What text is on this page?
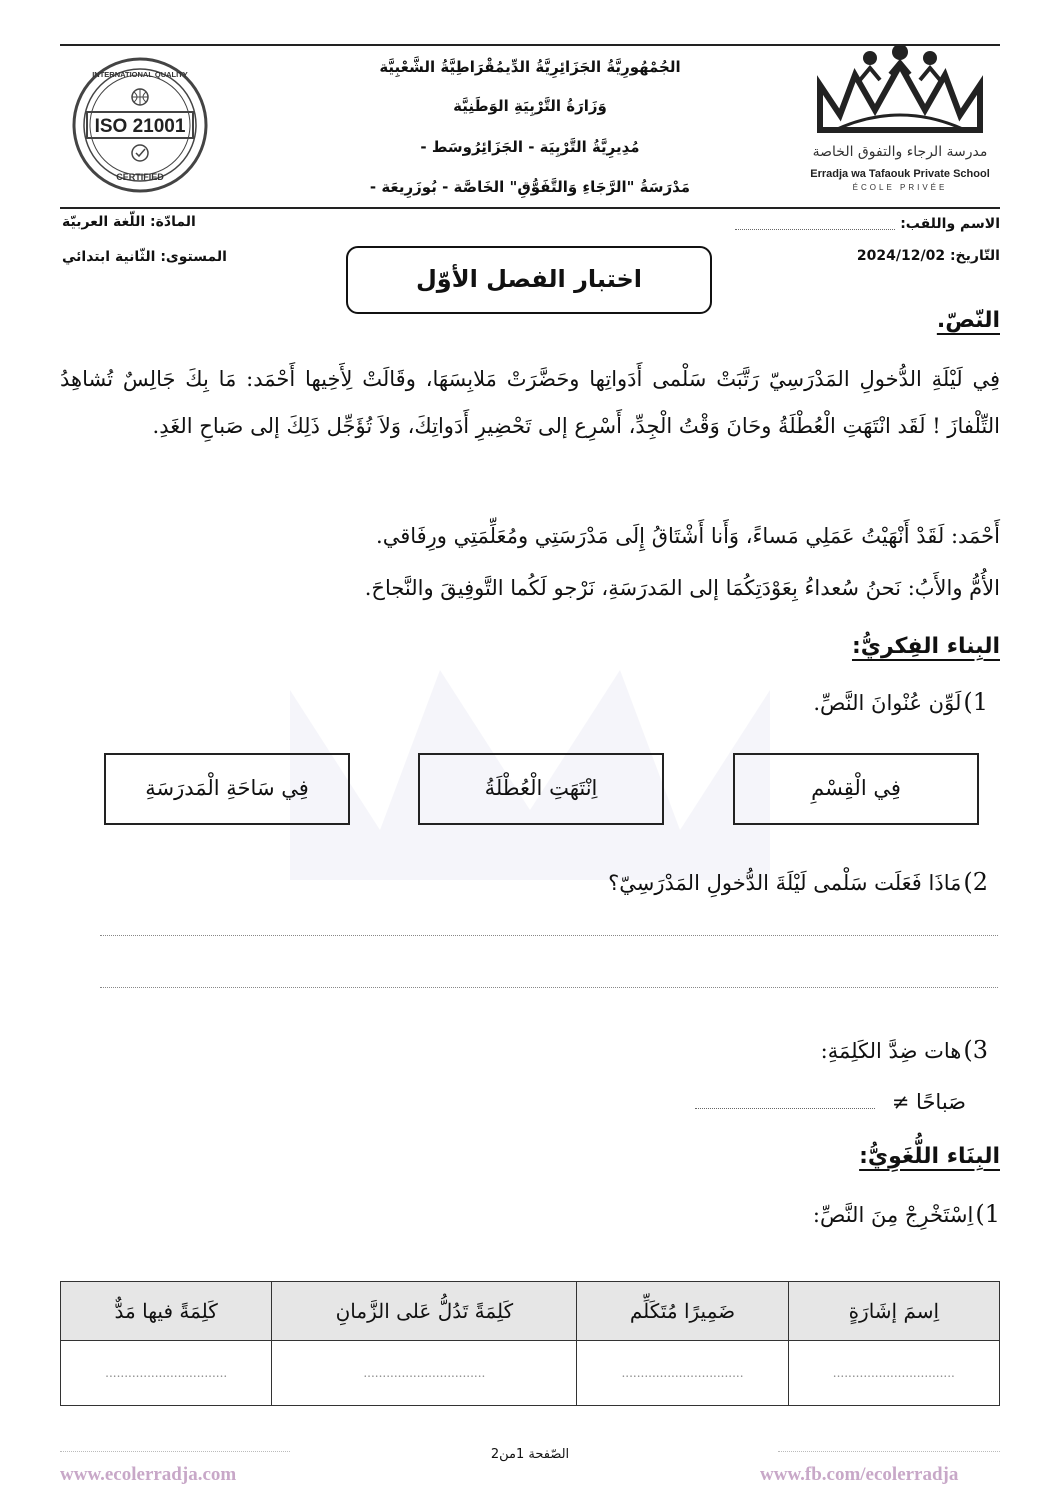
ISO 21001
INTERNATIONAL QUALITY
CERTIFIED
الجُمْهُورِيَّةُ الجَزَائِرِيَّةُ الدِّيمُقْرَاطِيَّةُ الشَّعْبِيَّة
وَزَارَةُ التَّرْبِيَةِ الوَطَنِيَّة
مُدِيرِيَّةُ التَّرْبِيَة - الجَزَائِرُوسَط -
مَدْرَسَةُ "الرَّجَاءِ وَالتَّفَوُّقِ" الخَاصَّة - بُوزَرِيعَة -
مدرسة الرجاء والتفوق الخاصة
Erradja wa Tafaouk Private School
ÉCOLE PRIVÉE
الاسم واللقب:
التّاريخ: 2024/12/02
المادّة: اللّغة العربيّة
المستوى: الثّانية ابتدائي
اختبار الفصل الأوّل
النّصّ.
فِي لَيْلَةِ الدُّخولِ المَدْرَسِيّ رَتَّبَتْ سَلْمى أَدَواتِها وحَضَّرَتْ مَلابِسَهَا، وقَالَتْ لِأَخِيها أَحْمَد: مَا بِكَ جَالِسٌ تُشاهِدُ التِّلْفازَ ! لَقَد انْتَهَتِ الْعُطْلَةُ وحَانَ وَقْتُ الْجِدِّ، أَسْرِع إلى تَحْضِيرِ أَدَواتِكَ، وَلاَ تُؤَجِّل ذَلِكَ إلى صَباحِ الغَدِ.
أَحْمَد: لَقَدْ أَنْهَيْتُ عَمَلِي مَساءً، وَأَنا أَشْتَاقُ إِلَى مَدْرَسَتِي ومُعَلِّمَتِي ورِفَاقي.
الأُمُّ والأَبُ: نَحنُ سُعداءُ بِعَوْدَتِكُمَا إلى المَدرَسَةِ، نَرْجو لَكُما التَّوفِيقَ والنَّجاحَ.
البِناء الفِكريُّ:
1)لَوِّن عُنْوانَ النَّصِّ.
فِي الْقِسْمِ
اِنْتَهَتِ الْعُطْلَةُ
فِي سَاحَةِ الْمَدرَسَةِ
2)مَاذَا فَعَلَت سَلْمى لَيْلَةَ الدُّخولِ المَدْرَسِيّ؟
3)هات ضِدَّ الكَلِمَةِ:
صَباحًا ≠
البِنَاء اللُّغَوِيُّ:
1)اِسْتَخْرِجْ مِنَ النَّصِّ:
اِسمَ إشَارَةٍ	ضَمِيرًا مُتَكَلِّم	كَلِمَةً تَدُلُّ عَلى الزَّمانِ	كَلِمَةً فيها مَدٌّ
................................	................................	................................	................................
الصّفحة 1من2
www.ecolerradja.com	www.fb.com/ecolerradja
